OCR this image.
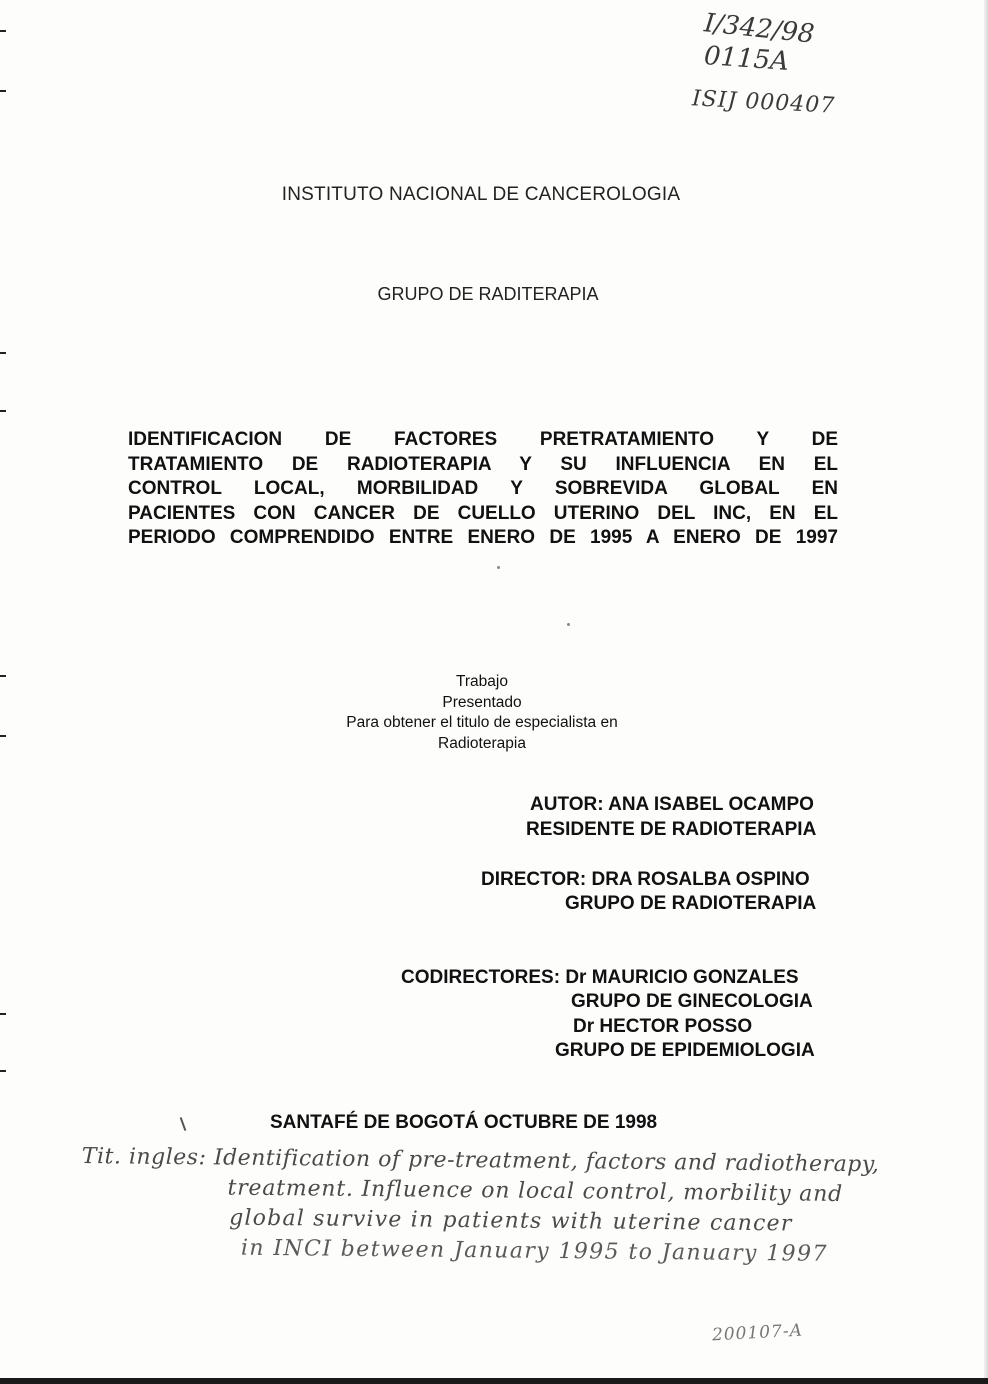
I/342/98
0115A
ISIJ 000407
INSTITUTO NACIONAL DE CANCEROLOGIA
GRUPO DE RADITERAPIA
IDENTIFICACION DE FACTORES PRETRATAMIENTO Y DE
TRATAMIENTO DE RADIOTERAPIA Y SU INFLUENCIA EN EL
CONTROL LOCAL, MORBILIDAD Y SOBREVIDA GLOBAL EN
PACIENTES CON CANCER DE CUELLO UTERINO DEL INC, EN EL
PERIODO COMPRENDIDO ENTRE ENERO DE 1995 A ENERO DE 1997
Trabajo
Presentado
Para obtener el titulo de especialista en
Radioterapia
AUTOR: ANA ISABEL OCAMPO
RESIDENTE DE RADIOTERAPIA
DIRECTOR: DRA ROSALBA OSPINO
GRUPO DE RADIOTERAPIA
CODIRECTORES: Dr MAURICIO GONZALES
GRUPO DE GINECOLOGIA
Dr HECTOR POSSO
GRUPO DE EPIDEMIOLOGIA
SANTAFÉ DE BOGOTÁ OCTUBRE DE 1998
Tit. ingles: Identification of pre-treatment, factors and radiotherapy,
treatment. Influence on local control, morbility and
global survive in patients with uterine cancer
in INCI between January 1995 to January 1997
200107-A
